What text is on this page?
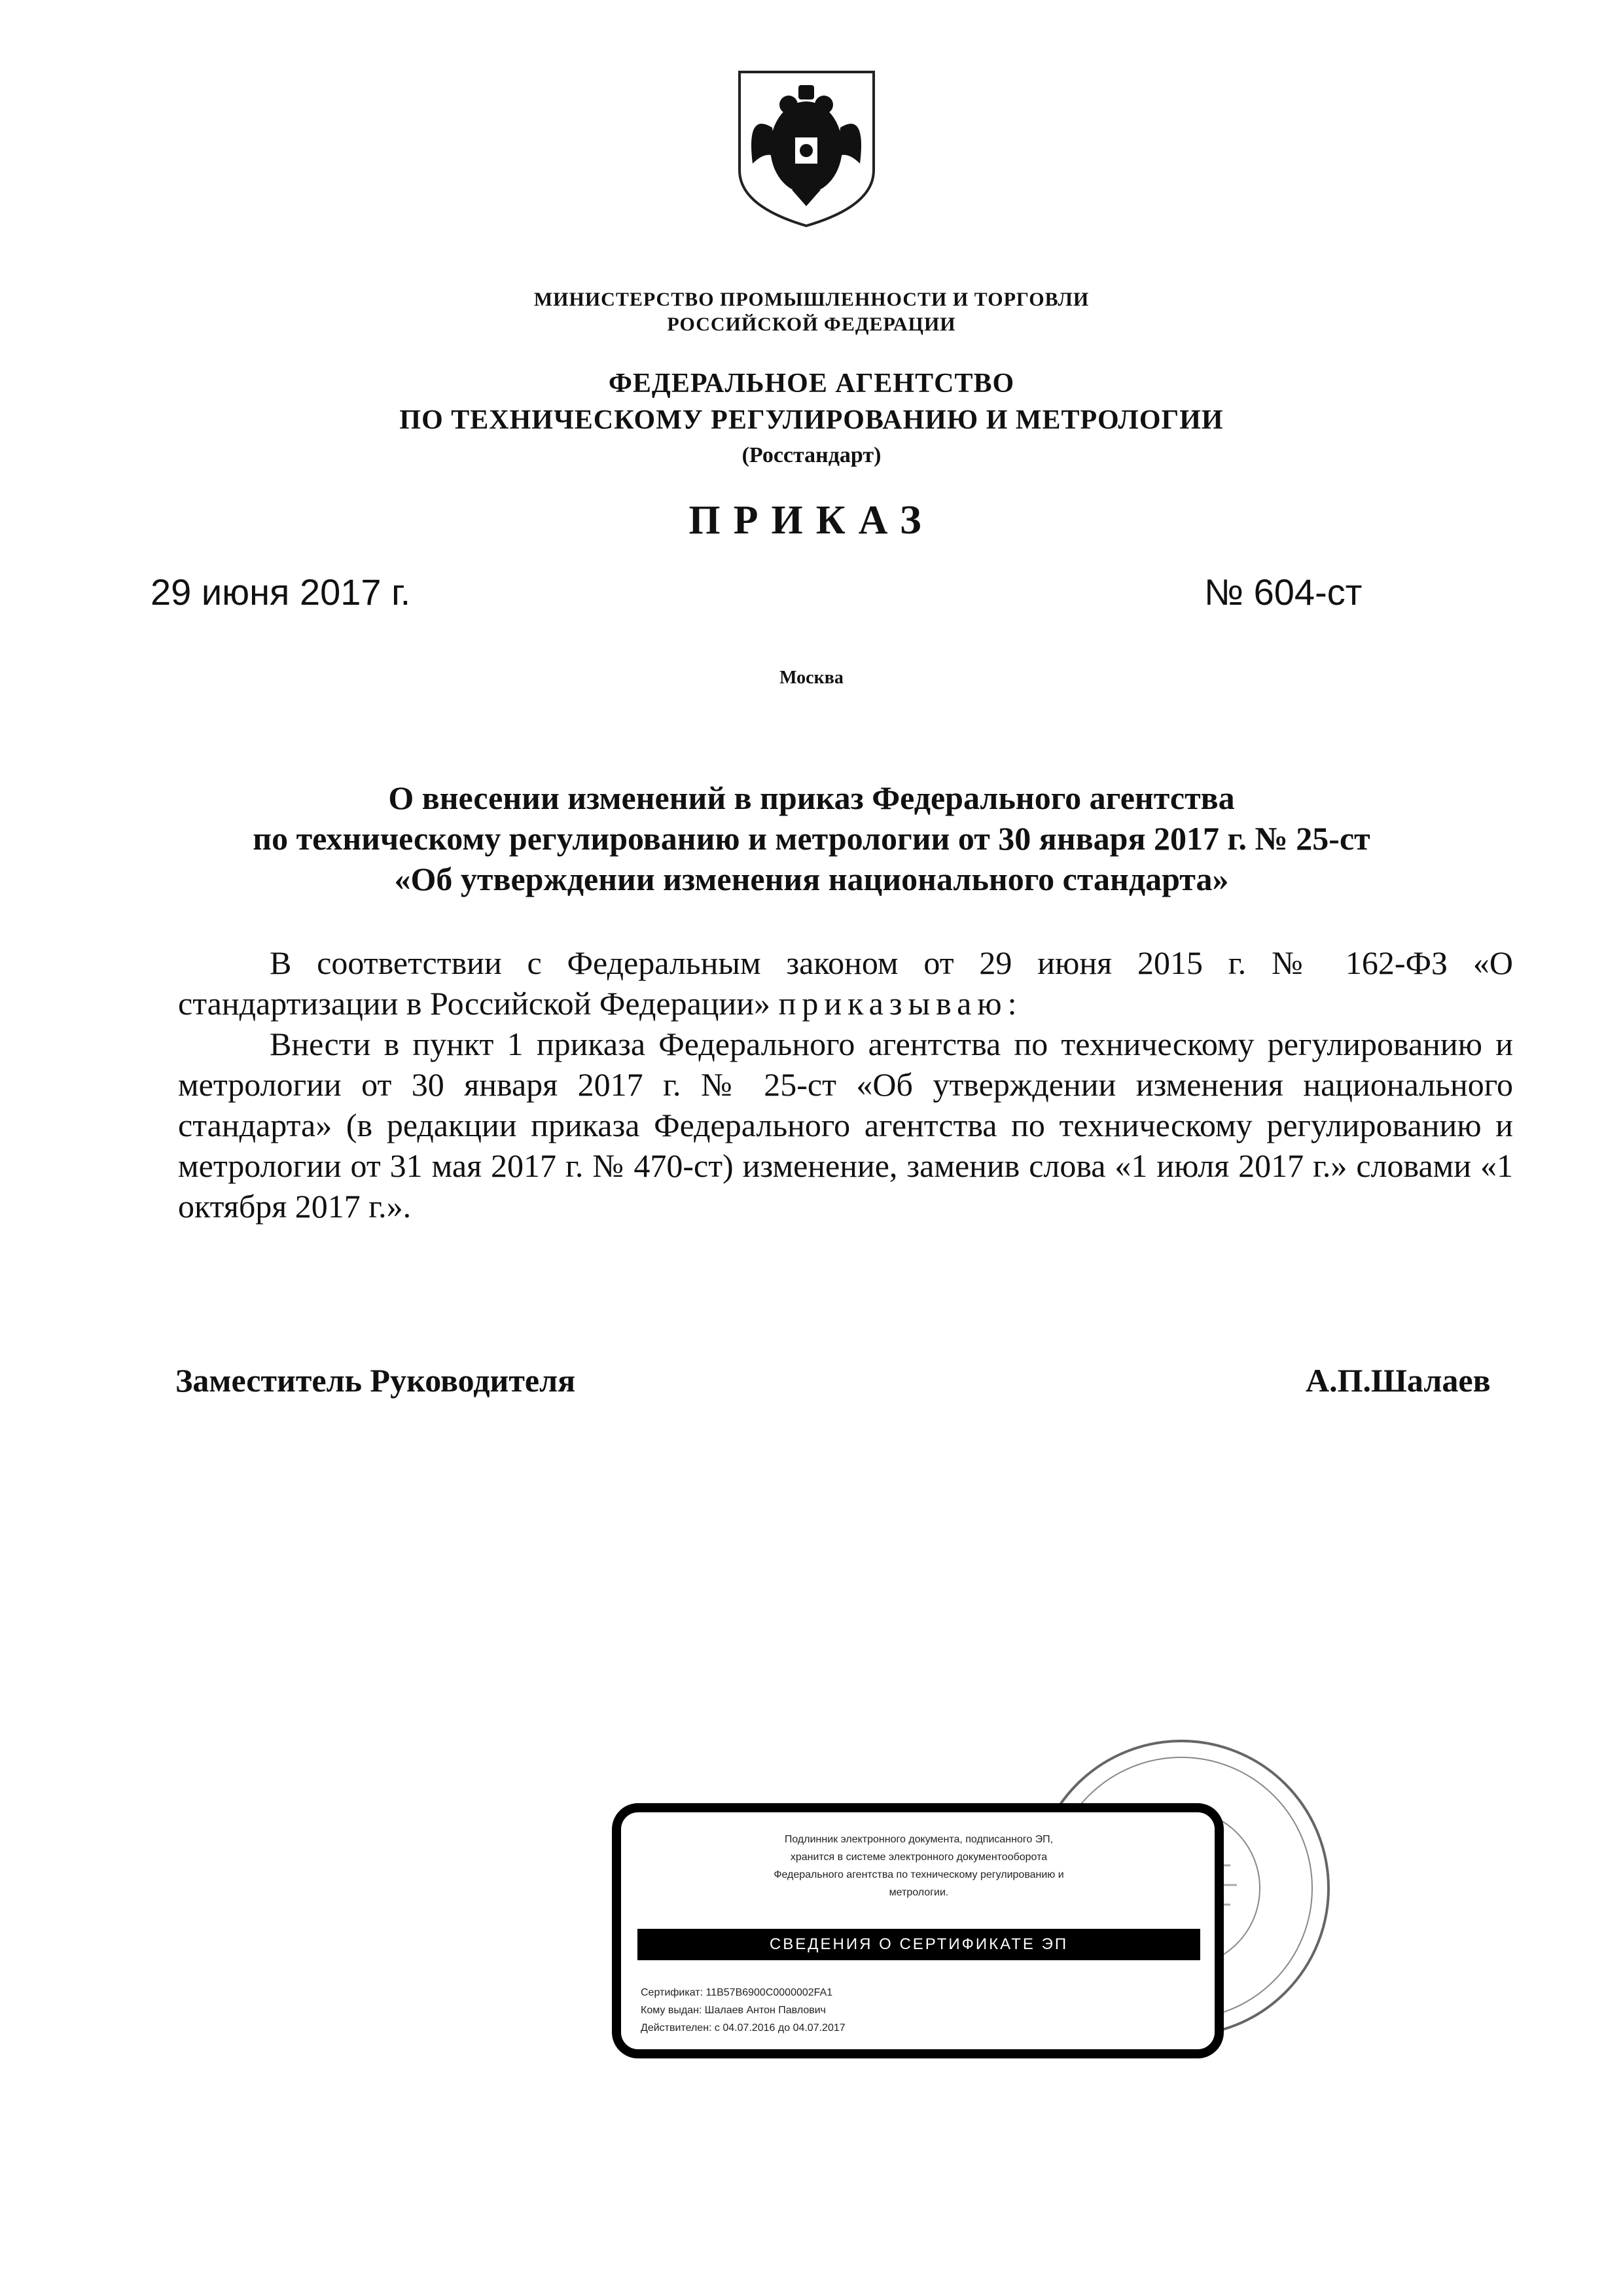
МИНИСТЕРСТВО ПРОМЫШЛЕННОСТИ И ТОРГОВЛИ
РОССИЙСКОЙ ФЕДЕРАЦИИ
ФЕДЕРАЛЬНОЕ АГЕНТСТВО
ПО ТЕХНИЧЕСКОМУ РЕГУЛИРОВАНИЮ И МЕТРОЛОГИИ
(Росстандарт)
ПРИКАЗ
29 июня 2017 г.	№ 604-ст
Москва
О внесении изменений в приказ Федерального агентства
по техническому регулированию и метрологии от 30 января 2017 г. № 25-ст
«Об утверждении изменения национального стандарта»

В соответствии с Федеральным законом от 29 июня 2015 г. № 162-ФЗ «О стандартизации в Российской Федерации» приказываю:

Внести в пункт 1 приказа Федерального агентства по техническому регулированию и метрологии от 30 января 2017 г. № 25-ст «Об утверждении изменения национального стандарта» (в редакции приказа Федерального агентства по техническому регулированию и метрологии от 31 мая 2017 г. № 470-ст) изменение, заменив слова «1 июля 2017 г.» словами «1 октября 2017 г.».

Заместитель Руководителя	А.П.Шалаев
Подлинник электронного документа, подписанного ЭП,
хранится в системе электронного документооборота
Федерального агентства по техническому регулированию и
метрологии.
СВЕДЕНИЯ О СЕРТИФИКАТЕ ЭП
Сертификат: 11B57B6900C0000002FA1
Кому выдан: Шалаев Антон Павлович
Действителен: с 04.07.2016 до 04.07.2017
